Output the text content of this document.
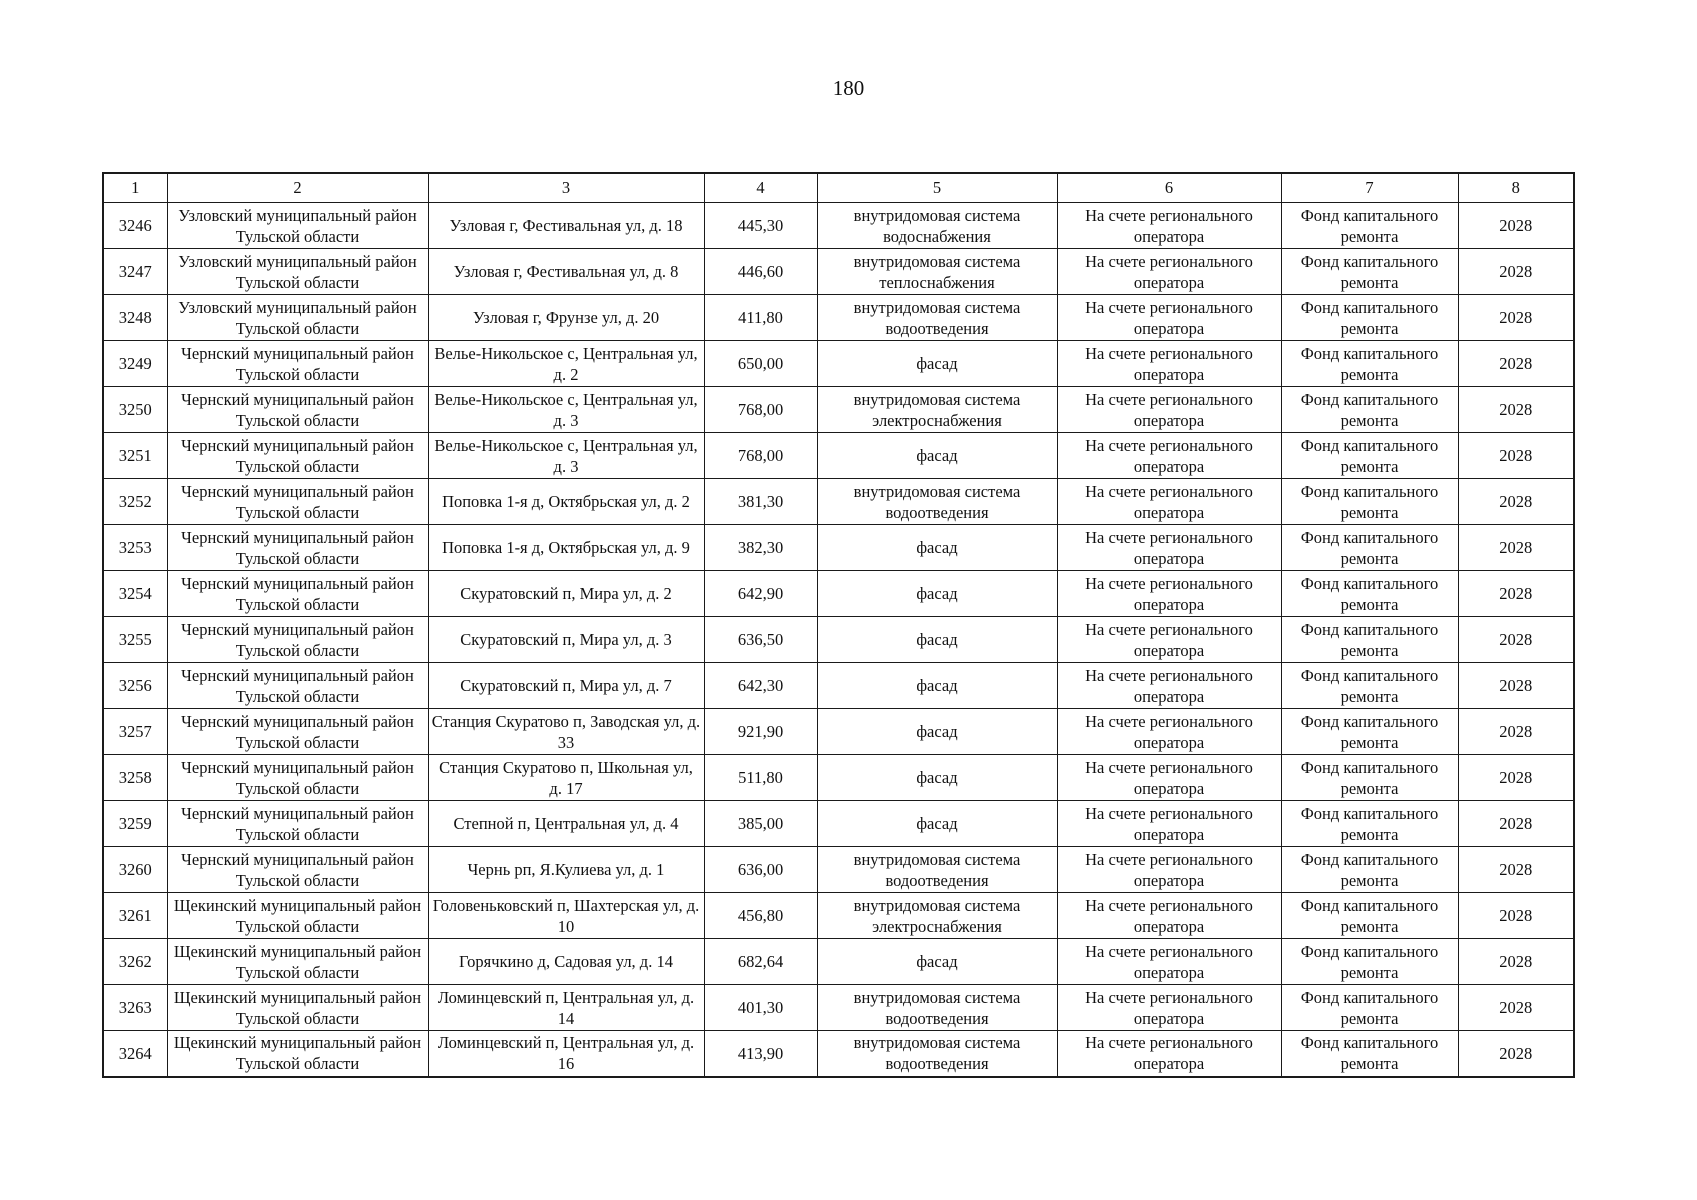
180
1	2	3	4	5	6	7	8
3246	Узловский муниципальный район Тульской области	Узловая г, Фестивальная ул, д. 18	445,30	внутридомовая система водоснабжения	На счете регионального оператора	Фонд капитального ремонта	2028
3247	Узловский муниципальный район Тульской области	Узловая г, Фестивальная ул, д. 8	446,60	внутридомовая система теплоснабжения	На счете регионального оператора	Фонд капитального ремонта	2028
3248	Узловский муниципальный район Тульской области	Узловая г, Фрунзе ул, д. 20	411,80	внутридомовая система водоотведения	На счете регионального оператора	Фонд капитального ремонта	2028
3249	Чернский муниципальный район Тульской области	Велье-Никольское с, Центральная ул, д. 2	650,00	фасад	На счете регионального оператора	Фонд капитального ремонта	2028
3250	Чернский муниципальный район Тульской области	Велье-Никольское с, Центральная ул, д. 3	768,00	внутридомовая система электроснабжения	На счете регионального оператора	Фонд капитального ремонта	2028
3251	Чернский муниципальный район Тульской области	Велье-Никольское с, Центральная ул, д. 3	768,00	фасад	На счете регионального оператора	Фонд капитального ремонта	2028
3252	Чернский муниципальный район Тульской области	Поповка 1-я д, Октябрьская ул, д. 2	381,30	внутридомовая система водоотведения	На счете регионального оператора	Фонд капитального ремонта	2028
3253	Чернский муниципальный район Тульской области	Поповка 1-я д, Октябрьская ул, д. 9	382,30	фасад	На счете регионального оператора	Фонд капитального ремонта	2028
3254	Чернский муниципальный район Тульской области	Скуратовский п, Мира ул, д. 2	642,90	фасад	На счете регионального оператора	Фонд капитального ремонта	2028
3255	Чернский муниципальный район Тульской области	Скуратовский п, Мира ул, д. 3	636,50	фасад	На счете регионального оператора	Фонд капитального ремонта	2028
3256	Чернский муниципальный район Тульской области	Скуратовский п, Мира ул, д. 7	642,30	фасад	На счете регионального оператора	Фонд капитального ремонта	2028
3257	Чернский муниципальный район Тульской области	Станция Скуратово п, Заводская ул, д. 33	921,90	фасад	На счете регионального оператора	Фонд капитального ремонта	2028
3258	Чернский муниципальный район Тульской области	Станция Скуратово п, Школьная ул, д. 17	511,80	фасад	На счете регионального оператора	Фонд капитального ремонта	2028
3259	Чернский муниципальный район Тульской области	Степной п, Центральная ул, д. 4	385,00	фасад	На счете регионального оператора	Фонд капитального ремонта	2028
3260	Чернский муниципальный район Тульской области	Чернь рп, Я.Кулиева ул, д. 1	636,00	внутридомовая система водоотведения	На счете регионального оператора	Фонд капитального ремонта	2028
3261	Щекинский муниципальный район Тульской области	Головеньковский п, Шахтерская ул, д. 10	456,80	внутридомовая система электроснабжения	На счете регионального оператора	Фонд капитального ремонта	2028
3262	Щекинский муниципальный район Тульской области	Горячкино д, Садовая ул, д. 14	682,64	фасад	На счете регионального оператора	Фонд капитального ремонта	2028
3263	Щекинский муниципальный район Тульской области	Ломинцевский п, Центральная ул, д. 14	401,30	внутридомовая система водоотведения	На счете регионального оператора	Фонд капитального ремонта	2028
3264	Щекинский муниципальный район Тульской области	Ломинцевский п, Центральная ул, д. 16	413,90	внутридомовая система водоотведения	На счете регионального оператора	Фонд капитального ремонта	2028
